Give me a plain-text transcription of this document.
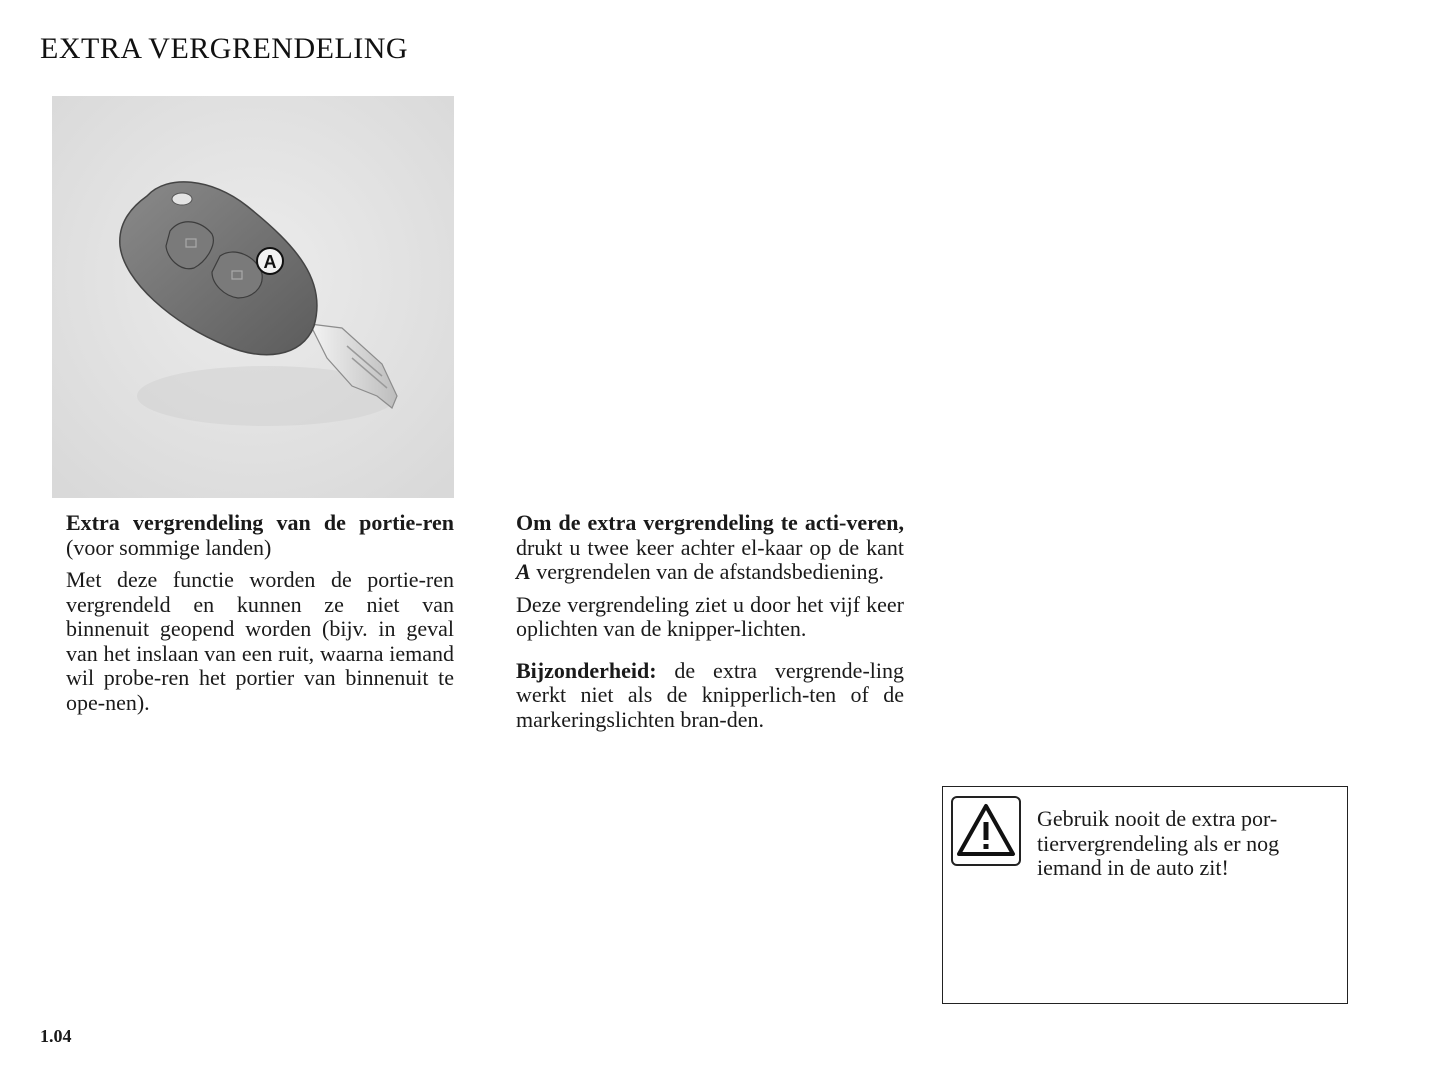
EXTRA VERGRENDELING
A

Extra vergrendeling van de portie-ren (voor sommige landen)

Met deze functie worden de portie-ren vergrendeld en kunnen ze niet van binnenuit geopend worden (bijv. in geval van het inslaan van een ruit, waarna iemand wil probe-ren het portier van binnenuit te ope-nen).

Om de extra vergrendeling te acti-veren, drukt u twee keer achter el-kaar op de kant A vergrendelen van de afstandsbediening.

Deze vergrendeling ziet u door het vijf keer oplichten van de knipper-lichten.

Bijzonderheid: de extra vergrende-ling werkt niet als de knipperlich-ten of de markeringslichten bran-den.

Gebruik nooit de extra por-tiervergrendeling als er nog iemand in de auto zit!
1.04
